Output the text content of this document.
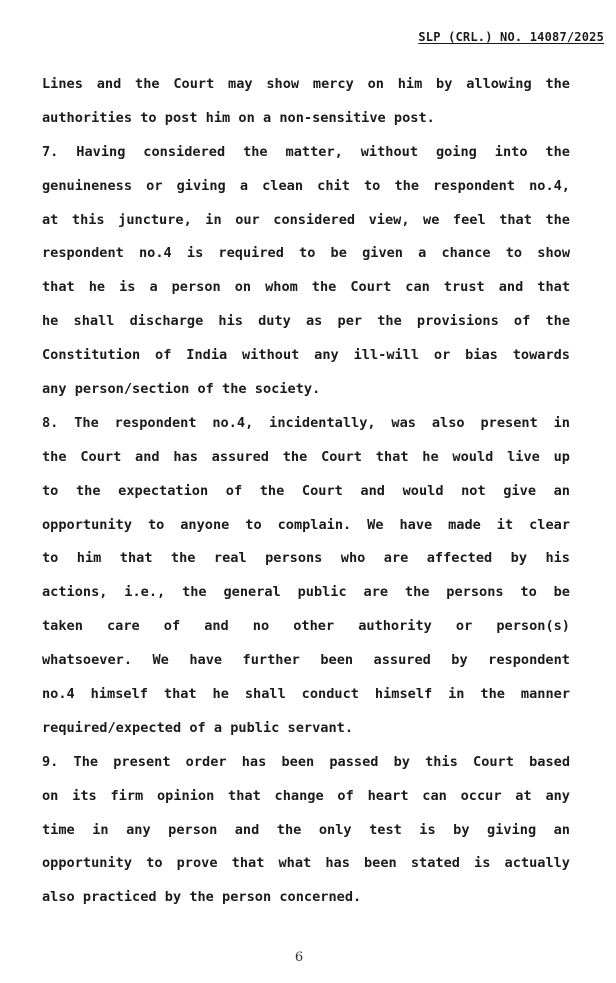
SLP (CRL.) NO. 14087/2025
Lines and the Court may show mercy on him by allowing the
authorities to post him on a non-sensitive post.
7. Having considered the matter, without going into the
genuineness or giving a clean chit to the respondent no.4,
at this juncture, in our considered view, we feel that the
respondent no.4 is required to be given a chance to show
that he is a person on whom the Court can trust and that
he shall discharge his duty as per the provisions of the
Constitution of India without any ill-will or bias towards
any person/section of the society.
8. The respondent no.4, incidentally, was also present in
the Court and has assured the Court that he would live up
to the expectation of the Court and would not give an
opportunity to anyone to complain. We have made it clear
to him that the real persons who are affected by his
actions, i.e., the general public are the persons to be
taken care of and no other authority or person(s)
whatsoever. We have further been assured by respondent
no.4 himself that he shall conduct himself in the manner
required/expected of a public servant.
9. The present order has been passed by this Court based
on its firm opinion that change of heart can occur at any
time in any person and the only test is by giving an
opportunity to prove that what has been stated is actually
also practiced by the person concerned.
6
